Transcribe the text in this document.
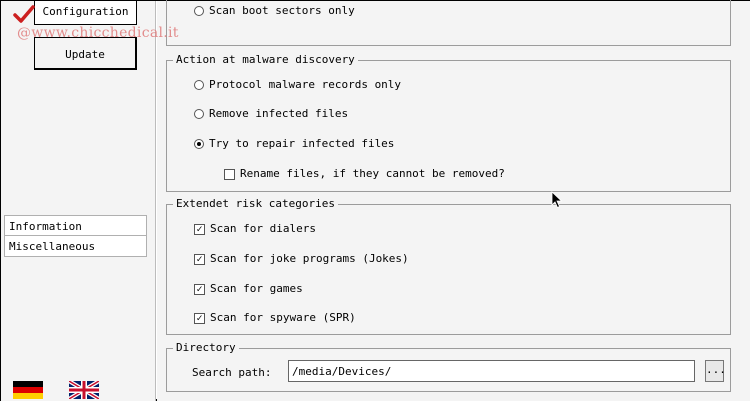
Configuration
Update
@www.chicchedical.it
Information
Miscellaneous
Scan boot sectors only
Action at malware discovery
Protocol malware records only
Remove infected files
Try to repair infected files
Rename files, if they cannot be removed?
Extendet risk categories
✓ Scan for dialers
✓ Scan for joke programs (Jokes)
✓ Scan for games
✓ Scan for spyware (SPR)
Directory
Search path:
/media/Devices/	...
